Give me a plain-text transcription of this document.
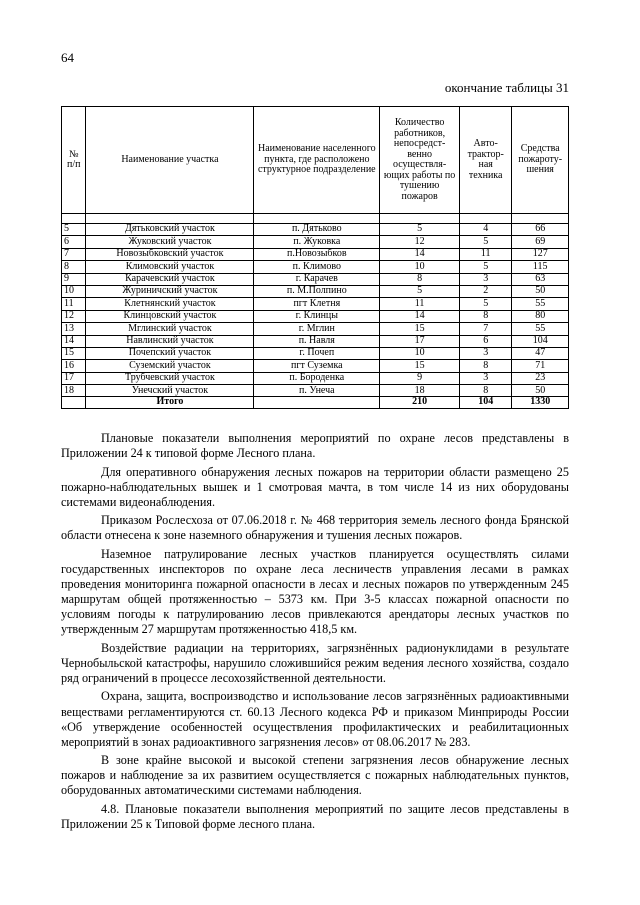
64
окончание таблицы 31
№ п/п	Наименование участка	Наименование населенного пункта, где расположено структурное подразделение	Количество работников, непосредст-венно осуществля-ющих работы по тушению пожаров	Авто-трактор-ная техника	Средства пожароту-шения

5	Дятьковский участок	п. Дятьково	5	4	66
6	Жуковский участок	п. Жуковка	12	5	69
7	Новозыбковский участок	п.Новозыбков	14	11	127
8	Климовский участок	п. Климово	10	5	115
9	Карачевский участок	г. Карачев	8	3	63
10	Журиничский участок	п. М.Полпино	5	2	50
11	Клетнянский участок	пгт Клетня	11	5	55
12	Клинцовский участок	г. Клинцы	14	8	80
13	Мглинский участок	г. Мглин	15	7	55
14	Навлинский участок	п. Навля	17	6	104
15	Почепский участок	г. Почеп	10	3	47
16	Суземский участок	пгт Суземка	15	8	71
17	Трубчевский участок	п. Бороденка	9	3	23
18	Унечский участок	п. Унеча	18	8	50
	Итого		210	104	1330

Плановые показатели выполнения мероприятий по охране лесов представлены в Приложении 24 к типовой форме Лесного плана.

Для оперативного обнаружения лесных пожаров на территории области размещено 25 пожарно-наблюдательных вышек и 1 смотровая мачта, в том числе 14 из них оборудованы системами видеонаблюдения.

Приказом Рослесхоза от 07.06.2018 г. № 468 территория земель лесного фонда Брянской области отнесена к зоне наземного обнаружения и тушения лесных пожаров.

Наземное патрулирование лесных участков планируется осуществлять силами государственных инспекторов по охране леса лесничеств управления лесами в рамках проведения мониторинга пожарной опасности в лесах и лесных пожаров по утвержденным 245 маршрутам общей протяженностью – 5373 км. При 3-5 классах пожарной опасности по условиям погоды к патрулированию лесов привлекаются арендаторы лесных участков по утвержденным 27 маршрутам протяженностью 418,5 км.

Воздействие радиации на территориях, загрязнённых радионуклидами в результате Чернобыльской катастрофы, нарушило сложившийся режим ведения лесного хозяйства, создало ряд ограничений в процессе лесохозяйственной деятельности.

Охрана, защита, воспроизводство и использование лесов загрязнённых радиоактивными веществами регламентируются ст. 60.13 Лесного кодекса РФ и приказом Минприроды России «Об утверждение особенностей осуществления профилактических и реабилитационных мероприятий в зонах радиоактивного загрязнения лесов» от 08.06.2017 № 283.

В зоне крайне высокой и высокой степени загрязнения лесов обнаружение лесных пожаров и наблюдение за их развитием осуществляется с пожарных наблюдательных пунктов, оборудованных автоматическими системами наблюдения.

4.8. Плановые показатели выполнения мероприятий по защите лесов представлены в Приложении 25 к Типовой форме лесного плана.
